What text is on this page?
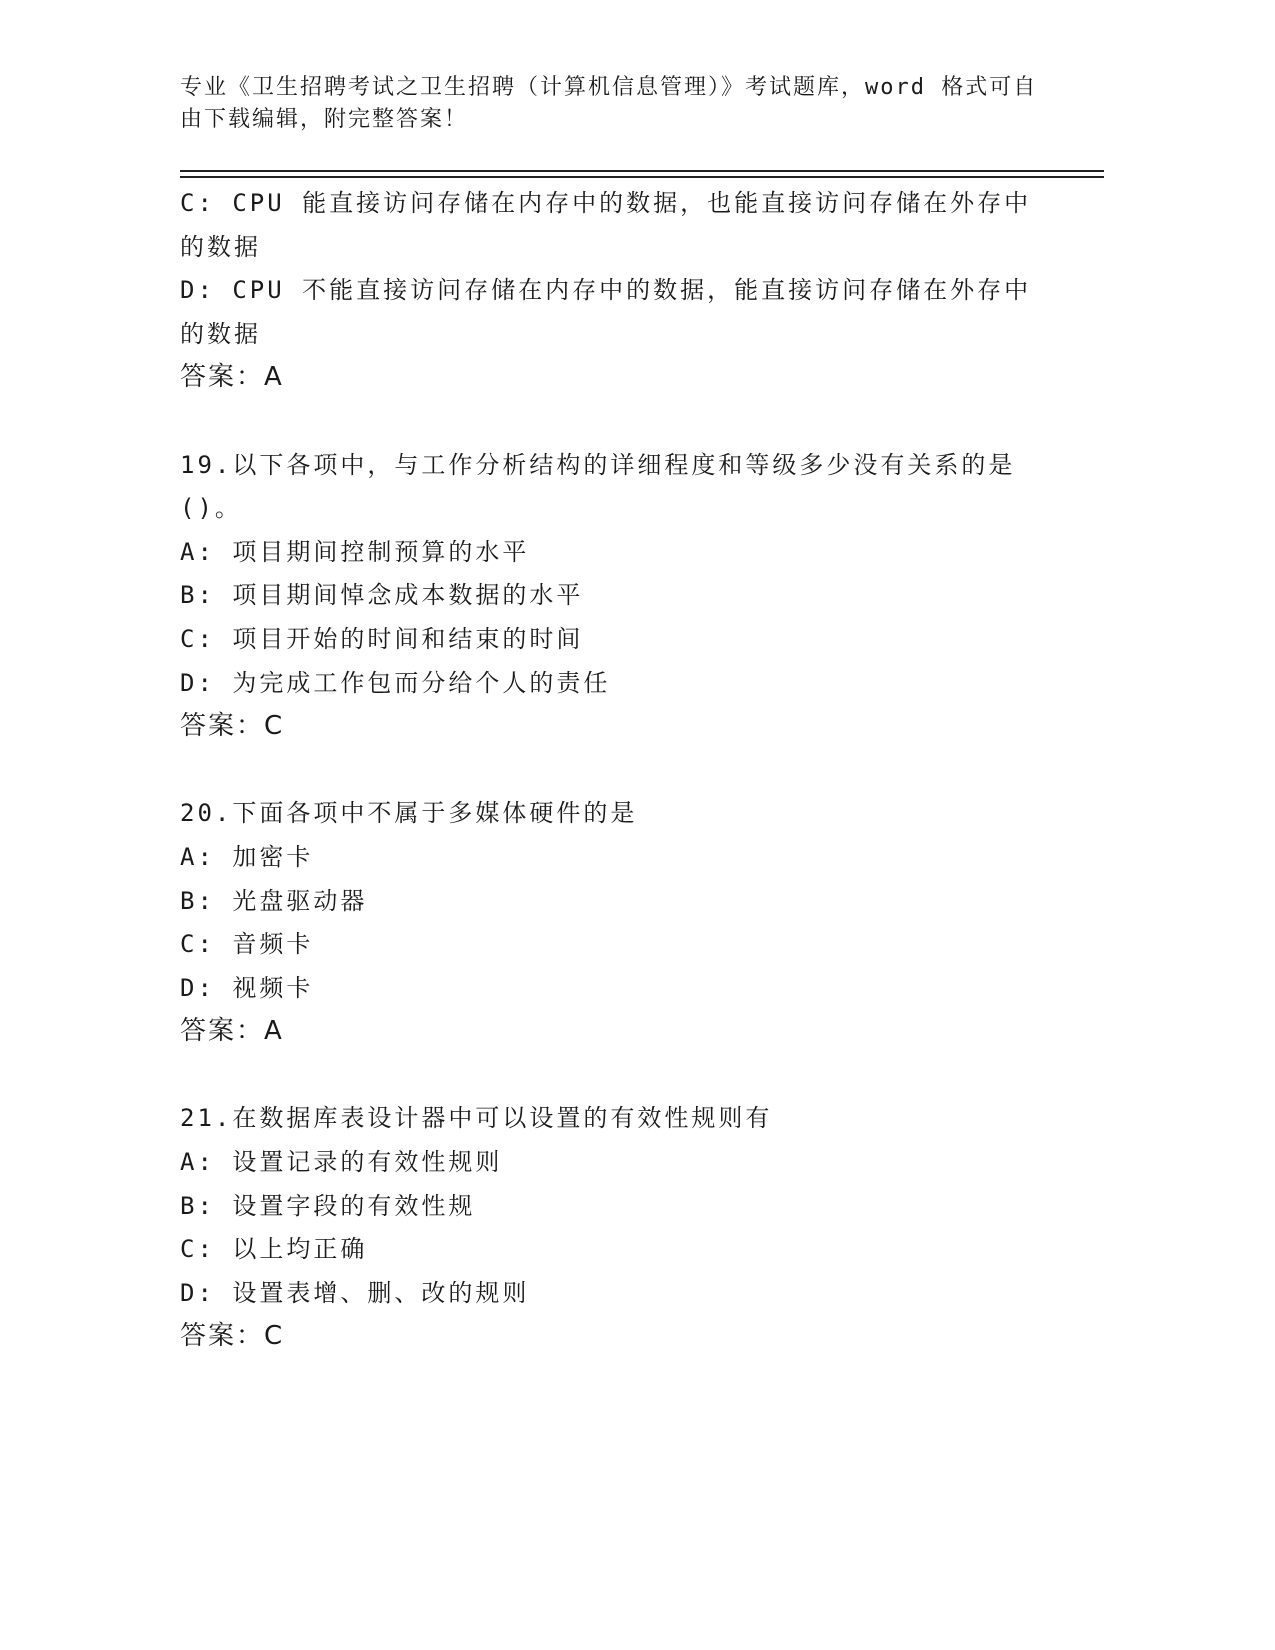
专业《卫生招聘考试之卫生招聘（计算机信息管理）》考试题库，word 格式可自
由下载编辑，附完整答案！
C: CPU 能直接访问存储在内存中的数据，也能直接访问存储在外存中
的数据
D: CPU 不能直接访问存储在内存中的数据，能直接访问存储在外存中
的数据
答案：A
19.以下各项中，与工作分析结构的详细程度和等级多少没有关系的是
()。
A: 项目期间控制预算的水平
B: 项目期间悼念成本数据的水平
C: 项目开始的时间和结束的时间
D: 为完成工作包而分给个人的责任
答案：C
20.下面各项中不属于多媒体硬件的是
A: 加密卡
B: 光盘驱动器
C: 音频卡
D: 视频卡
答案：A
21.在数据库表设计器中可以设置的有效性规则有
A: 设置记录的有效性规则
B: 设置字段的有效性规
C: 以上均正确
D: 设置表增、删、改的规则
答案：C
